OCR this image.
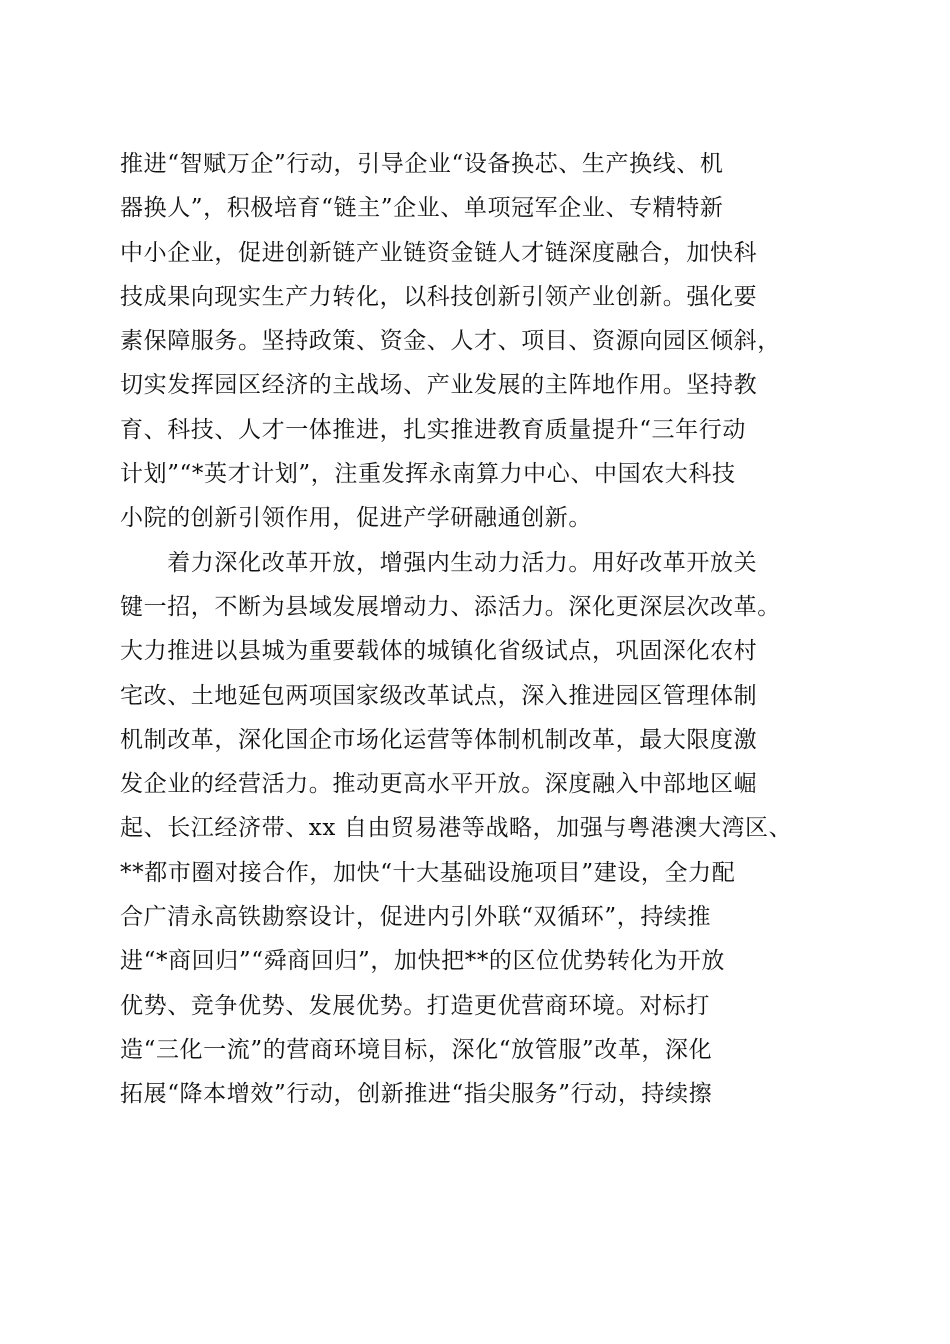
推进“智赋万企”行动，引导企业“设备换芯、生产换线、机
器换人”，积极培育“链主”企业、单项冠军企业、专精特新
中小企业，促进创新链产业链资金链人才链深度融合，加快科
技成果向现实生产力转化，以科技创新引领产业创新。强化要
素保障服务。坚持政策、资金、人才、项目、资源向园区倾斜，
切实发挥园区经济的主战场、产业发展的主阵地作用。坚持教
育、科技、人才一体推进，扎实推进教育质量提升“三年行动
计划”“*英才计划”，注重发挥永南算力中心、中国农大科技
小院的创新引领作用，促进产学研融通创新。
　　着力深化改革开放，增强内生动力活力。用好改革开放关
键一招，不断为县域发展增动力、添活力。深化更深层次改革。
大力推进以县城为重要载体的城镇化省级试点，巩固深化农村
宅改、土地延包两项国家级改革试点，深入推进园区管理体制
机制改革，深化国企市场化运营等体制机制改革，最大限度激
发企业的经营活力。推动更高水平开放。深度融入中部地区崛
起、长江经济带、xx 自由贸易港等战略，加强与粤港澳大湾区、
**都市圈对接合作，加快“十大基础设施项目”建设，全力配
合广清永高铁勘察设计，促进内引外联“双循环”，持续推
进“*商回归”“舜商回归”，加快把**的区位优势转化为开放
优势、竞争优势、发展优势。打造更优营商环境。对标打
造“三化一流”的营商环境目标，深化“放管服”改革，深化
拓展“降本增效”行动，创新推进“指尖服务”行动，持续擦
